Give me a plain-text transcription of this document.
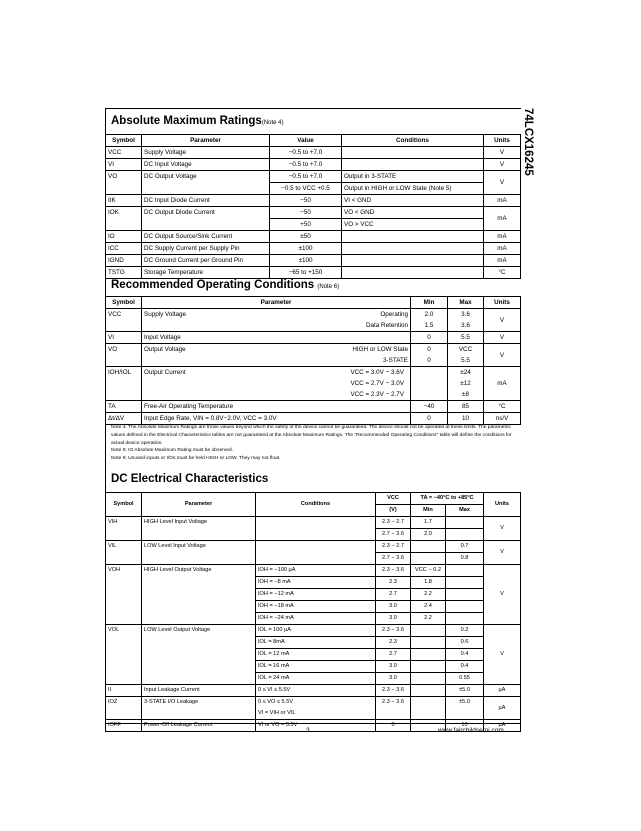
74LCX16245
Absolute Maximum Ratings(Note 4)
Symbol	Parameter	Value	Conditions	Units
VCC	Supply Voltage	−0.5 to +7.0		V
VI	DC Input Voltage	−0.5 to +7.0		V
VO	DC Output Voltage	−0.5 to +7.0	Output in 3-STATE	V
		−0.5 to VCC +0.5	Output in HIGH or LOW State (Note 5)	
IIK	DC Input Diode Current	−50	VI < GND	mA
IOK	DC Output Diode Current	−50	VO < GND	mA
		+50	VO > VCC	
IO	DC Output Source/Sink Current	±50		mA
ICC	DC Supply Current per Supply Pin	±100		mA
IGND	DC Ground Current per Ground Pin	±100		mA
TSTG	Storage Temperature	−65 to +150		°C
Recommended Operating Conditions (Note 6)
Symbol	Parameter	Min	Max	Units
VCC	Supply Voltage Operating	2.0	3.6	V
	Data Retention	1.5	3.6	
VI	Input Voltage	0	5.5	V
VO	Output Voltage HIGH or LOW State	0	VCC	V
	3-STATE	0	5.5	
IOH/IOL	Output Current VCC = 3.0V − 3.6V		±24	mA
	VCC = 2.7V − 3.0V		±12	
	VCC = 2.3V − 2.7V		±8	
TA	Free-Air Operating Temperature	−40	85	°C
Δt/ΔV	Input Edge Rate, VIN = 0.8V−2.0V, VCC = 3.0V	0	10	ns/V

Note 4: The Absolute Maximum Ratings are those values beyond which the safety of the device cannot be guaranteed. The device should not be operated at these limits. The parametric values defined in the Electrical Characteristics tables are not guaranteed at the Absolute Maximum Ratings. The “Recommended Operating Conditions” table will define the conditions for actual device operation.

Note 5: IO Absolute Maximum Rating must be observed.

Note 6: Unused inputs or I/Os must be held HIGH or LOW. They may not float.

DC Electrical Characteristics
Symbol	Parameter	Conditions	VCC	TA = −40°C to +85°C		Units
			(V)	Min	Max	
VIH	HIGH Level Input Voltage		2.3 − 2.7	1.7		V
			2.7 − 3.6	2.0		
VIL	LOW Level Input Voltage		2.3 − 2.7		0.7	V
			2.7 − 3.6		0.8	
VOH	HIGH Level Output Voltage	IOH = −100 µA	2.3 − 3.6	VCC − 0.2		V
		IOH = −8 mA	2.3	1.8		
		IOH = −12 mA	2.7	2.2		
		IOH = −18 mA	3.0	2.4		
		IOH = −24 mA	3.0	2.2		
VOL	LOW Level Output Voltage	IOL = 100 µA	2.3 − 3.6		0.2	V
		IOL = 8mA	2.3		0.6	
		IOL = 12 mA	2.7		0.4	
		IOL = 16 mA	3.0		0.4	
		IOL = 24 mA	3.0		0.55	
II	Input Leakage Current	0 ≤ VI ≤ 5.5V	2.3 − 3.6		±5.0	µA
IOZ	3-STATE I/O Leakage	0 ≤ VO ≤ 5.5V	2.3 − 3.6		±5.0	µA
		VI = VIH or VIL				
IOFF	Power-Off Leakage Current	VI or VO = 5.5V	0		10	µA
3	www.fairchildsemi.com
